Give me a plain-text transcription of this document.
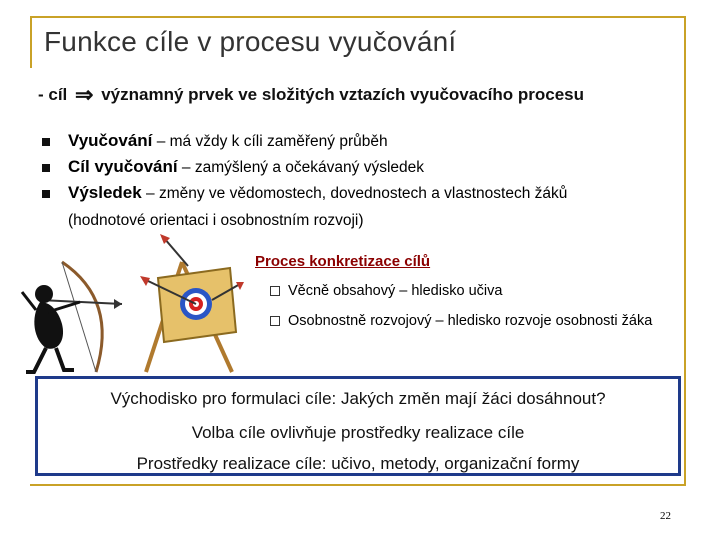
Funkce cíle v procesu vyučování
- cíl ⇒ významný prvek ve složitých vztazích vyučovacího procesu
Vyučování – má vždy k cíli zaměřený průběh
Cíl vyučování – zamýšlený a očekávaný výsledek
Výsledek – změny ve vědomostech, dovednostech a vlastnostech žáků
(hodnotové orientaci i osobnostním rozvoji)
Proces konkretizace cílů
Věcně obsahový – hledisko učiva
Osobnostně rozvojový – hledisko rozvoje osobnosti žáka
Východisko pro formulaci cíle: Jakých změn mají žáci dosáhnout?
Volba cíle ovlivňuje prostředky realizace cíle
Prostředky realizace cíle: učivo, metody, organizační formy
22
